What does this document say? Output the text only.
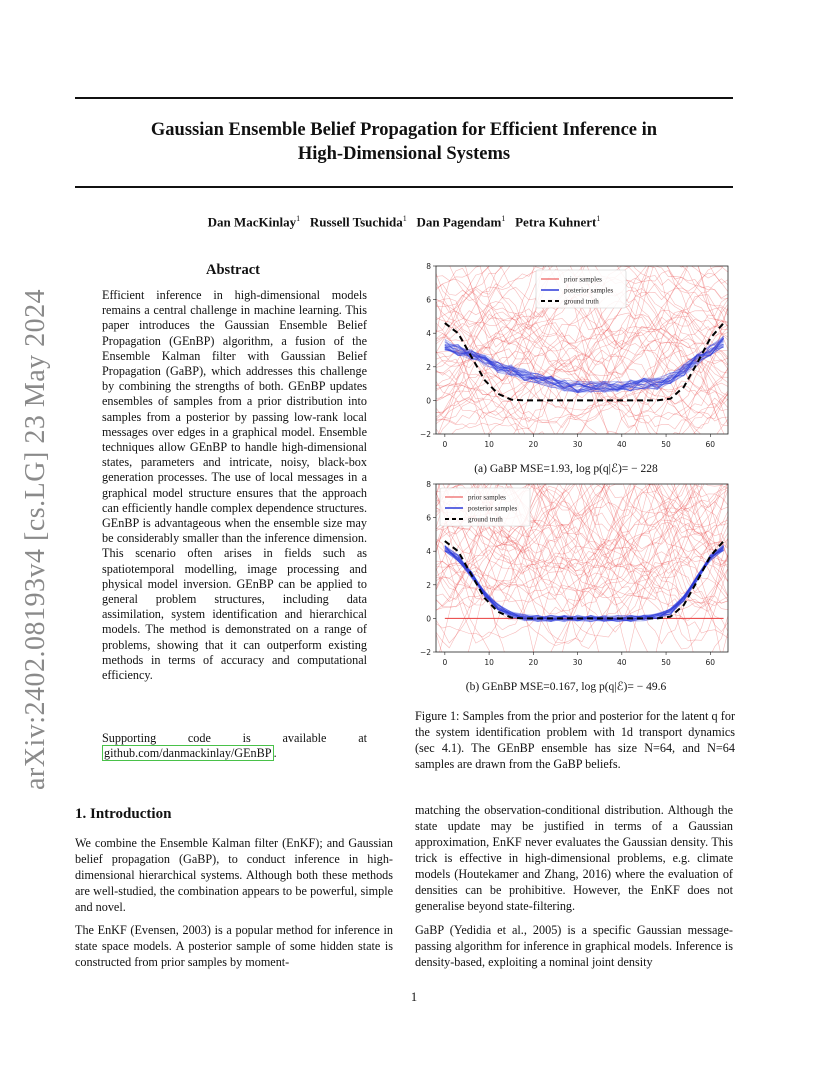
Gaussian Ensemble Belief Propagation for Efficient Inference in
High-Dimensional Systems
Dan MacKinlay$^1$ Russell Tsuchida$^1$ Dan Pagendam$^1$ Petra Kuhnert$^1$
arXiv:2402.08193v4 [cs.LG] 23 May 2024
Abstract
Efficient inference in high-dimensional models remains a central challenge in machine learning. This paper introduces the Gaussian Ensemble Belief Propagation (GEnBP) algorithm, a fusion of the Ensemble Kalman filter with Gaussian Belief Propagation (GaBP), which addresses this challenge by combining the strengths of both. GEnBP updates ensembles of samples from a prior distribution into samples from a posterior by passing low-rank local messages over edges in a graphical model. Ensemble techniques allow GEnBP to handle high-dimensional states, parameters and intricate, noisy, black-box generation processes. The use of local messages in a graphical model structure ensures that the approach can efficiently handle complex dependence structures. GEnBP is advantageous when the ensemble size may be considerably smaller than the inference dimension. This scenario often arises in fields such as spatiotemporal modelling, image processing and physical model inversion. GEnBP can be applied to general problem structures, including data assimilation, system identification and hierarchical models. The method is demonstrated on a range of problems, showing that it can outperform existing methods in terms of accuracy and computational efficiency.
Supporting code is available at github.com/danmackinlay/GEnBP .
−2
0
2
4
6
8
0	10	20	30	40	50	60
prior samples
posterior samples
ground truth
(a) GaBP MSE=1.93, log p(q|ℰ)= − 228
−2
0
2
4
6
8
0	10	20	30	40	50	60
prior samples
posterior samples
ground truth
(b) GEnBP MSE=0.167, log p(q|ℰ)= − 49.6
Figure 1: Samples from the prior and posterior for the latent q for the system identification problem with 1d transport dynamics (sec 4.1). The GEnBP ensemble has size N=64, and N=64 samples are drawn from the GaBP beliefs.
1. Introduction
We combine the Ensemble Kalman filter (EnKF); and Gaussian belief propagation (GaBP), to conduct inference in high-dimensional hierarchical systems. Although both these methods are well-studied, the combination appears to be powerful, simple and novel.
The EnKF (Evensen, 2003) is a popular method for inference in state space models. A posterior sample of some hidden state is constructed from prior samples by moment-
matching the observation-conditional distribution. Although the state update may be justified in terms of a Gaussian approximation, EnKF never evaluates the Gaussian density. This trick is effective in high-dimensional problems, e.g. climate models (Houtekamer and Zhang, 2016) where the evaluation of densities can be prohibitive. However, the EnKF does not generalise beyond state-filtering.
GaBP (Yedidia et al., 2005) is a specific Gaussian message-passing algorithm for inference in graphical models. Inference is density-based, exploiting a nominal joint density
1
